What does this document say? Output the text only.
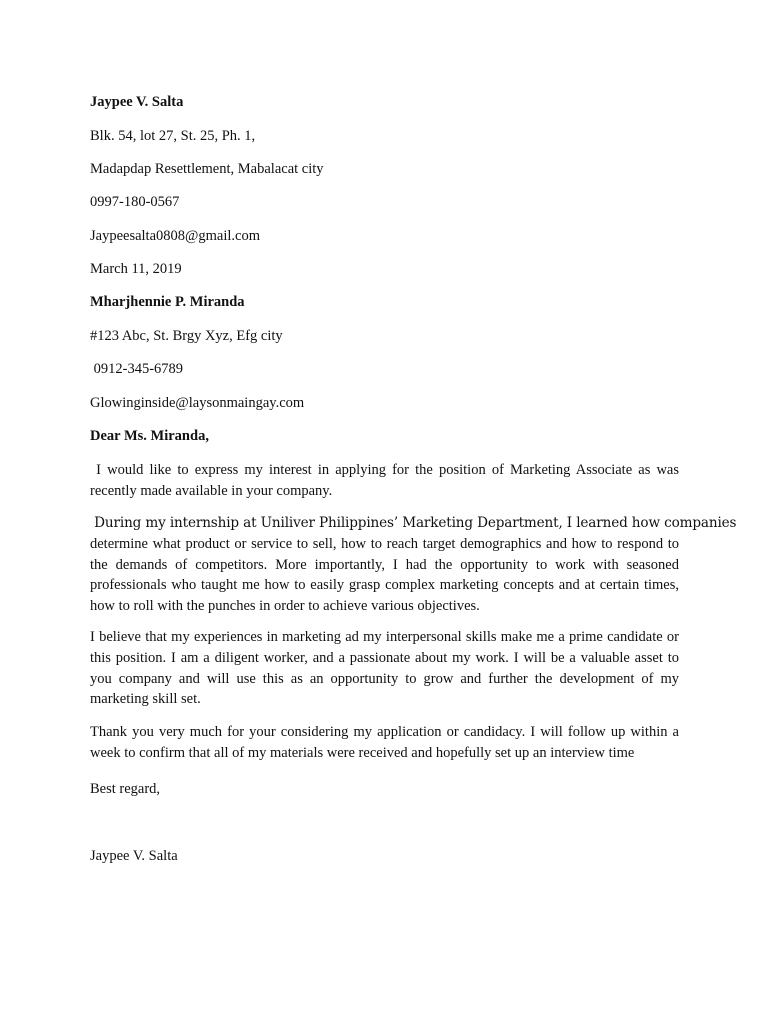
Jaypee V. Salta
Blk. 54, lot 27, St. 25, Ph. 1,
Madapdap Resettlement, Mabalacat city
0997-180-0567
Jaypeesalta0808@gmail.com
March 11, 2019
Mharjhennie P. Miranda
#123 Abc, St. Brgy Xyz, Efg city
0912-345-6789
Glowinginside@laysonmaingay.com
Dear Ms. Miranda,

I would like to express my interest in applying for the position of Marketing Associate as was recently made available in your company.

During my internship at Uniliver Philippines’ Marketing Department, I learned how companies
determine what product or service to sell, how to reach target demographics and how to respond to the demands of competitors. More importantly, I had the opportunity to work with seasoned professionals who taught me how to easily grasp complex marketing concepts and at certain times, how to roll with the punches in order to achieve various objectives.

I believe that my experiences in marketing ad my interpersonal skills make me a prime candidate or this position. I am a diligent worker, and a passionate about my work. I will be a valuable asset to you company and will use this as an opportunity to grow and further the development of my marketing skill set.

Thank you very much for your considering my application or candidacy. I will follow up within a week to confirm that all of my materials were received and hopefully set up an interview time

Best regard,
Jaypee V. Salta
